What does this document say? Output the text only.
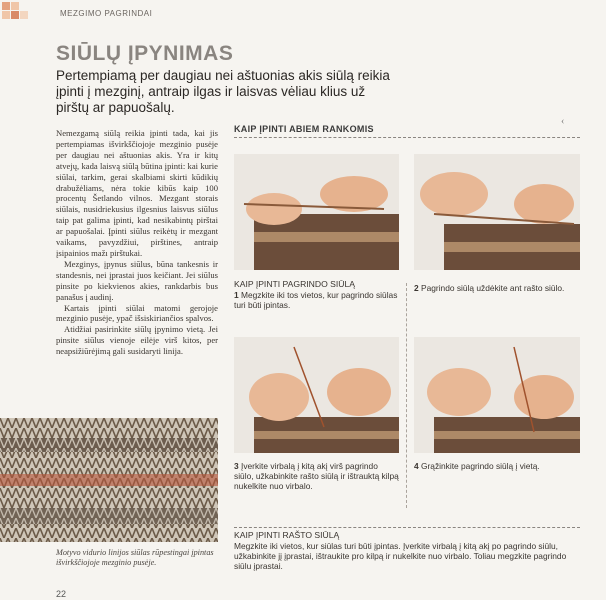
MEZGIMO PAGRINDAI
SIŪLŲ ĮPYNIMAS
Pertempiamą per daugiau nei aštuonias akis siūlą reikia įpinti į mezginį, antraip ilgas ir laisvas vėliau klius už pirštų ar papuošalų.

Nemezgamą siūlą reikia įpinti tada, kai jis pertempiamas išvirkščiojoje mezginio pusėje per daugiau nei aštuonias akis. Yra ir kitų atvejų, kada laisvą siūlą būtina įpinti: kai kurie siūlai, tarkim, gerai skalbiami skirti kūdikių drabužėliams, nėra tokie kibūs kaip 100 procentų Šetlando vilnos. Mezgant storais siūlais, nusidriekusius ilgesnius laisvus siūlus taip pat galima įpinti, kad nesikabintų pirštai ar papuošalai. Įpinti siūlus reikėtų ir mezgant vaikams, pavyzdžiui, pirštines, antraip įsipainios mažı pirštukai.

Mezginys, įpynus siūlus, būna tankesnis ir standesnis, nei įprastai juos keičiant. Jei siūlus pinsite po kiekvienos akies, rankdarbis bus panašus į audinį.

Kartais įpinti siūlai matomi gerojoje mezginio pusėje, ypač išsiskiriančios spalvos.

Atidžiai pasirinkite siūlų įpynimo vietą. Jei pinsite siūlus vienoje eilėje virš kitos, per neapsižiūrėjimą gali susidaryti linija.

Motyvo vidurio linijos siūlas rūpestingai įpintas išvirkščiojoje mezginio pusėje.
22
‹
KAIP ĮPINTI ABIEM RANKOMIS
KAIP ĮPINTI PAGRINDO SIŪLĄ
1 Megzkite iki tos vietos, kur pagrindo siūlas turi būti įpintas.
2 Pagrindo siūlą uždėkite ant rašto siūlo.
3 Įverkite virbalą į kitą akį virš pagrindo siūlo, užkabinkite rašto siūlą ir ištrauktą kilpą nukelkite nuo virbalo.
4 Grąžinkite pagrindo siūlą į vietą.
KAIP ĮPINTI RAŠTO SIŪLĄ
Megzkite iki vietos, kur siūlas turi būti įpintas. Įverkite virbalą į kitą akį po pagrindo siūlu, užkabinkite jį įprastai, ištraukite pro kilpą ir nukelkite nuo virbalo. Toliau megzkite pagrindo siūlu įprastai.
